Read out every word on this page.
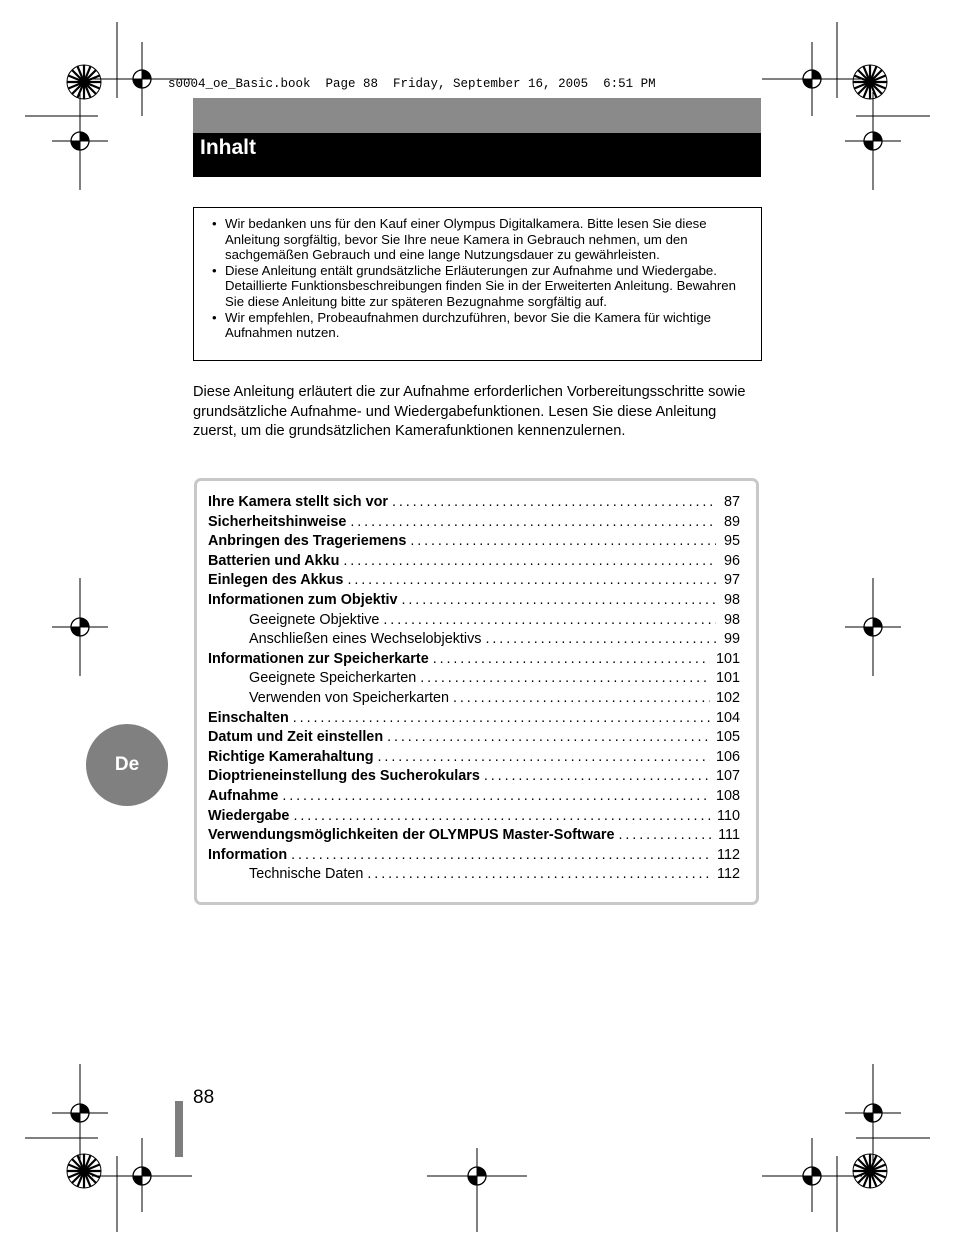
s0004_oe_Basic.book  Page 88  Friday, September 16, 2005  6:51 PM
Inhalt
• Wir bedanken uns für den Kauf einer Olympus Digitalkamera. Bitte lesen Sie diese Anleitung sorgfältig, bevor Sie Ihre neue Kamera in Gebrauch nehmen, um den sachgemäßen Gebrauch und eine lange Nutzungsdauer zu gewährleisten.
• Diese Anleitung entält grundsätzliche Erläuterungen zur Aufnahme und Wiedergabe. Detaillierte Funktionsbeschreibungen finden Sie in der Erweiterten Anleitung. Bewahren Sie diese Anleitung bitte zur späteren Bezugnahme sorgfältig auf.
• Wir empfehlen, Probeaufnahmen durchzuführen, bevor Sie die Kamera für wichtige Aufnahmen nutzen.
Diese Anleitung erläutert die zur Aufnahme erforderlichen Vorbereitungsschritte sowie grundsätzliche Aufnahme- und Wiedergabefunktionen. Lesen Sie diese Anleitung zuerst, um die grundsätzlichen Kamerafunktionen kennenzulernen.
Ihre Kamera stellt sich vor .....	87
Sicherheitshinweise .....	89
Anbringen des Trageriemens .....	95
Batterien und Akku .....	96
Einlegen des Akkus .....	97
Informationen zum Objektiv .....	98
Geeignete Objektive .....	98
Anschließen eines Wechselobjektivs .....	99
Informationen zur Speicherkarte .....	101
Geeignete Speicherkarten .....	101
Verwenden von Speicherkarten .....	102
Einschalten .....	104
Datum und Zeit einstellen .....	105
Richtige Kamerahaltung .....	106
Dioptrieneinstellung des Sucherokulars .....	107
Aufnahme .....	108
Wiedergabe .....	110
Verwendungsmöglichkeiten der OLYMPUS Master-Software .....	111
Information .....	112
Technische Daten .....	112
De
88
